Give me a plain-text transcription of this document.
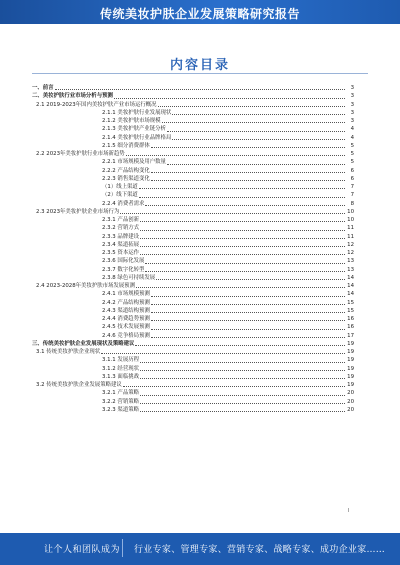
传统美妆护肤企业发展策略研究报告
内容目录
一、前言	3
二、美妆护肤行业市场分析与预测	3
2.1 2019-2023年国内美妆护肤产业市场运行概况	3
2.1.1 美妆护肤行业发展现状	3
2.1.2 美妆护肤市场规模	3
2.1.3 美妆护肤产业链分析	4
2.1.4 美妆护肤行业品牌格局	4
2.1.5 细分消费群体	5
2.2 2023年美妆护肤行业市场新趋势	5
2.2.1 市场规模及用户数量	5
2.2.2 产品结构变化	6
2.2.3 销售渠道变化	6
（1）线上渠道	7
（2）线下渠道	7
2.2.4 消费者需求	8
2.3 2023年美妆护肤企业市场行为	10
2.3.1 产品创新	10
2.3.2 营销方式	11
2.3.3 品牌建设	11
2.3.4 渠道拓展	12
2.3.5 资本运作	12
2.3.6 国际化发展	13
2.3.7 数字化转型	13
2.3.8 绿色可持续发展	14
2.4 2023-2028年美妆护肤市场发展预测	14
2.4.1 市场规模预测	14
2.4.2 产品结构预测	15
2.4.3 渠道结构预测	15
2.4.4 消费趋势预测	16
2.4.5 技术发展预测	16
2.4.6 竞争格局预测	17
三、传统美妆护肤企业发展现状及策略建议	19
3.1 传统美妆护肤企业现状	19
3.1.1 发展历程	19
3.1.2 经营现状	19
3.1.3 面临挑战	19
3.2 传统美妆护肤企业发展策略建议	19
3.2.1 产品策略	20
3.2.2 营销策略	20
3.2.3 渠道策略	20
I
让个人和团队成为 行业专家、管理专家、营销专家、战略专家、成功企业家……
